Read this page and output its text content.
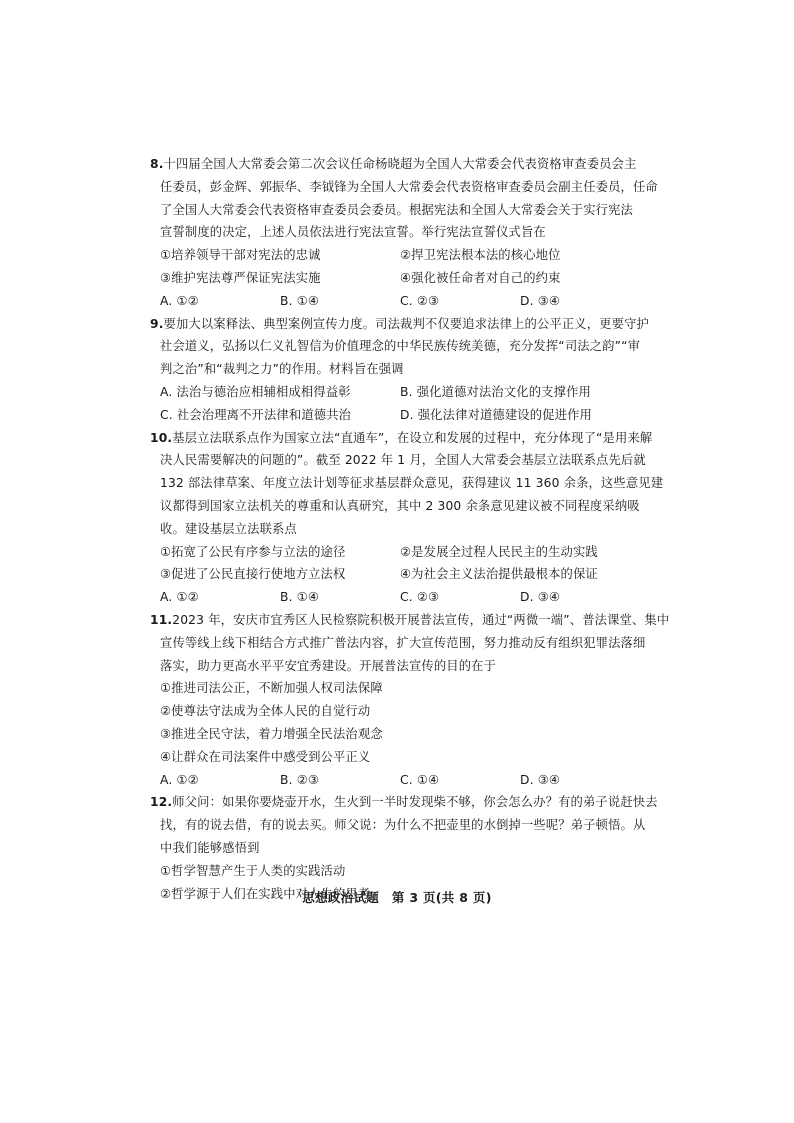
8.十四届全国人大常委会第二次会议任命杨晓超为全国人大常委会代表资格审查委员会主
任委员，彭金辉、郭振华、李钺锋为全国人大常委会代表资格审查委员会副主任委员，任命
了全国人大常委会代表资格审查委员会委员。根据宪法和全国人大常委会关于实行宪法
宣誓制度的决定，上述人员依法进行宪法宣誓。举行宪法宣誓仪式旨在
①培养领导干部对宪法的忠诚	②捍卫宪法根本法的核心地位
③维护宪法尊严保证宪法实施	④强化被任命者对自己的约束
A. ①②	B. ①④	C. ②③	D. ③④
9.要加大以案释法、典型案例宣传力度。司法裁判不仅要追求法律上的公平正义，更要守护
社会道义，弘扬以仁义礼智信为价值理念的中华民族传统美德，充分发挥“司法之韵”“审
判之治”和“裁判之力”的作用。材料旨在强调
A. 法治与德治应相辅相成相得益彰	B. 强化道德对法治文化的支撑作用
C. 社会治理离不开法律和道德共治	D. 强化法律对道德建设的促进作用
10.基层立法联系点作为国家立法“直通车”，在设立和发展的过程中，充分体现了“是用来解
决人民需要解决的问题的”。截至 2022 年 1 月，全国人大常委会基层立法联系点先后就
132 部法律草案、年度立法计划等征求基层群众意见，获得建议 11 360 余条，这些意见建
议都得到国家立法机关的尊重和认真研究，其中 2 300 余条意见建议被不同程度采纳吸
收。建设基层立法联系点
①拓宽了公民有序参与立法的途径	②是发展全过程人民民主的生动实践
③促进了公民直接行使地方立法权	④为社会主义法治提供最根本的保证
A. ①②	B. ①④	C. ②③	D. ③④
11.2023 年，安庆市宜秀区人民检察院积极开展普法宣传，通过“两微一端”、普法课堂、集中
宣传等线上线下相结合方式推广普法内容，扩大宣传范围，努力推动反有组织犯罪法落细
落实，助力更高水平平安宜秀建设。开展普法宣传的目的在于
①推进司法公正，不断加强人权司法保障
②使尊法守法成为全体人民的自觉行动
③推进全民守法，着力增强全民法治观念
④让群众在司法案件中感受到公平正义
A. ①②	B. ②③	C. ①④	D. ③④
12.师父问：如果你要烧壶开水，生火到一半时发现柴不够，你会怎么办？有的弟子说赶快去
找，有的说去借，有的说去买。师父说：为什么不把壶里的水倒掉一些呢？弟子顿悟。从
中我们能够感悟到
①哲学智慧产生于人类的实践活动
②哲学源于人们在实践中对人生的思考
思想政治试题　第 3 页(共 8 页)
